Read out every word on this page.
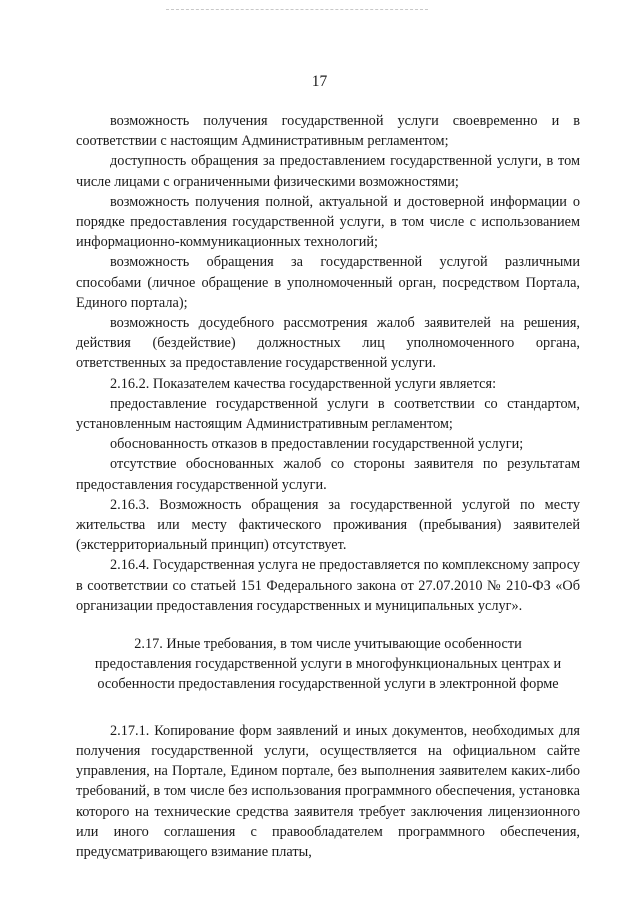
17

возможность получения государственной услуги своевременно и в соответствии с настоящим Административным регламентом;

доступность обращения за предоставлением государственной услуги, в том числе лицами с ограниченными физическими возможностями;

возможность получения полной, актуальной и достоверной информации о порядке предоставления государственной услуги, в том числе с использованием информационно-коммуникационных технологий;

возможность обращения за государственной услугой различными способами (личное обращение в уполномоченный орган, посредством Портала, Единого портала);

возможность досудебного рассмотрения жалоб заявителей на решения, действия (бездействие) должностных лиц уполномоченного органа, ответственных за предоставление государственной услуги.

2.16.2. Показателем качества государственной услуги является:

предоставление государственной услуги в соответствии со стандартом, установленным настоящим Административным регламентом;

обоснованность отказов в предоставлении государственной услуги;

отсутствие обоснованных жалоб со стороны заявителя по результатам предоставления государственной услуги.

2.16.3. Возможность обращения за государственной услугой по месту жительства или месту фактического проживания (пребывания) заявителей (экстерриториальный принцип) отсутствует.

2.16.4. Государственная услуга не предоставляется по комплексному запросу в соответствии со статьей 151 Федерального закона от 27.07.2010 № 210-ФЗ «Об организации предоставления государственных и муниципальных услуг».

2.17. Иные требования, в том числе учитывающие особенности

предоставления государственной услуги в многофункциональных центрах и

особенности предоставления государственной услуги в электронной форме

2.17.1. Копирование форм заявлений и иных документов, необходимых для получения государственной услуги, осуществляется на официальном сайте управления, на Портале, Едином портале, без выполнения заявителем каких-либо требований, в том числе без использования программного обеспечения, установка которого на технические средства заявителя требует заключения лицензионного или иного соглашения с правообладателем программного обеспечения, предусматривающего взимание платы,
